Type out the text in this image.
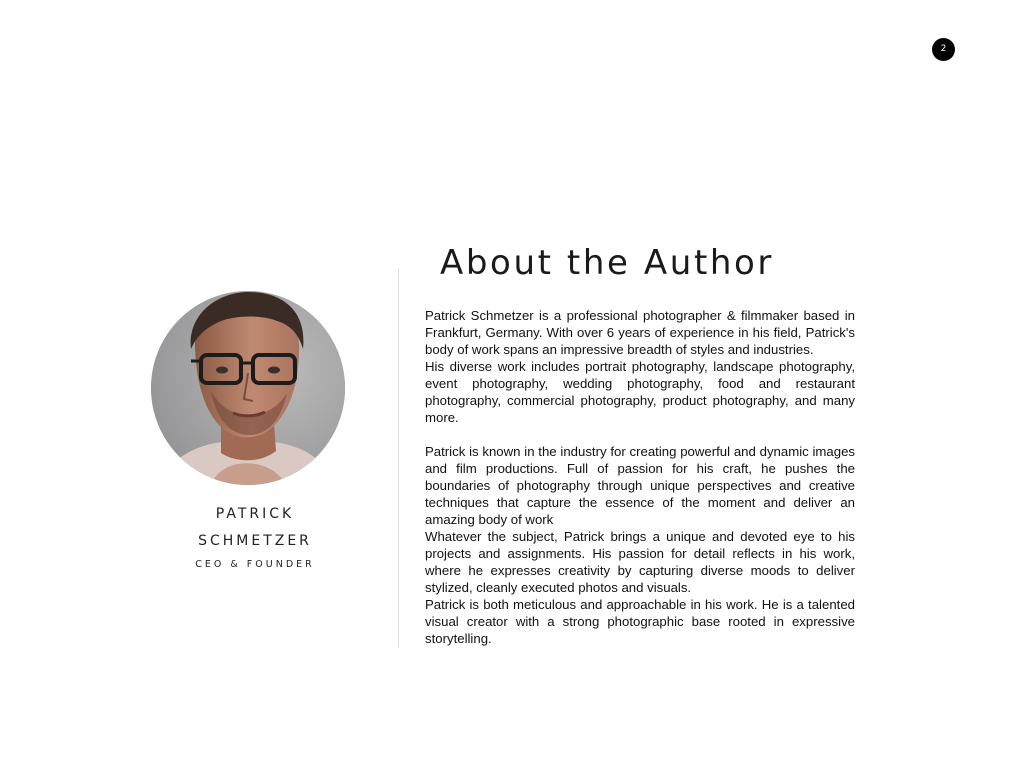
2
PATRICK
SCHMETZER
CEO & FOUNDER
About the Author

Patrick Schmetzer is a professional photographer & filmmaker based in Frankfurt, Germany. With over 6 years of experience in his field, Patrick's body of work spans an impressive breadth of styles and industries.

His diverse work includes portrait photography, landscape photography, event photography, wedding photography, food and restaurant photography, commercial photography, product photography, and many more.

Patrick is known in the industry for creating powerful and dynamic images and film productions. Full of passion for his craft, he pushes the boundaries of photography through unique perspectives and creative techniques that capture the essence of the moment and deliver an amazing body of work

Whatever the subject, Patrick brings a unique and devoted eye to his projects and assignments. His passion for detail reflects in his work, where he expresses creativity by capturing diverse moods to deliver stylized, cleanly executed photos and visuals.

Patrick is both meticulous and approachable in his work. He is a talented visual creator with a strong photographic base rooted in expressive storytelling.
